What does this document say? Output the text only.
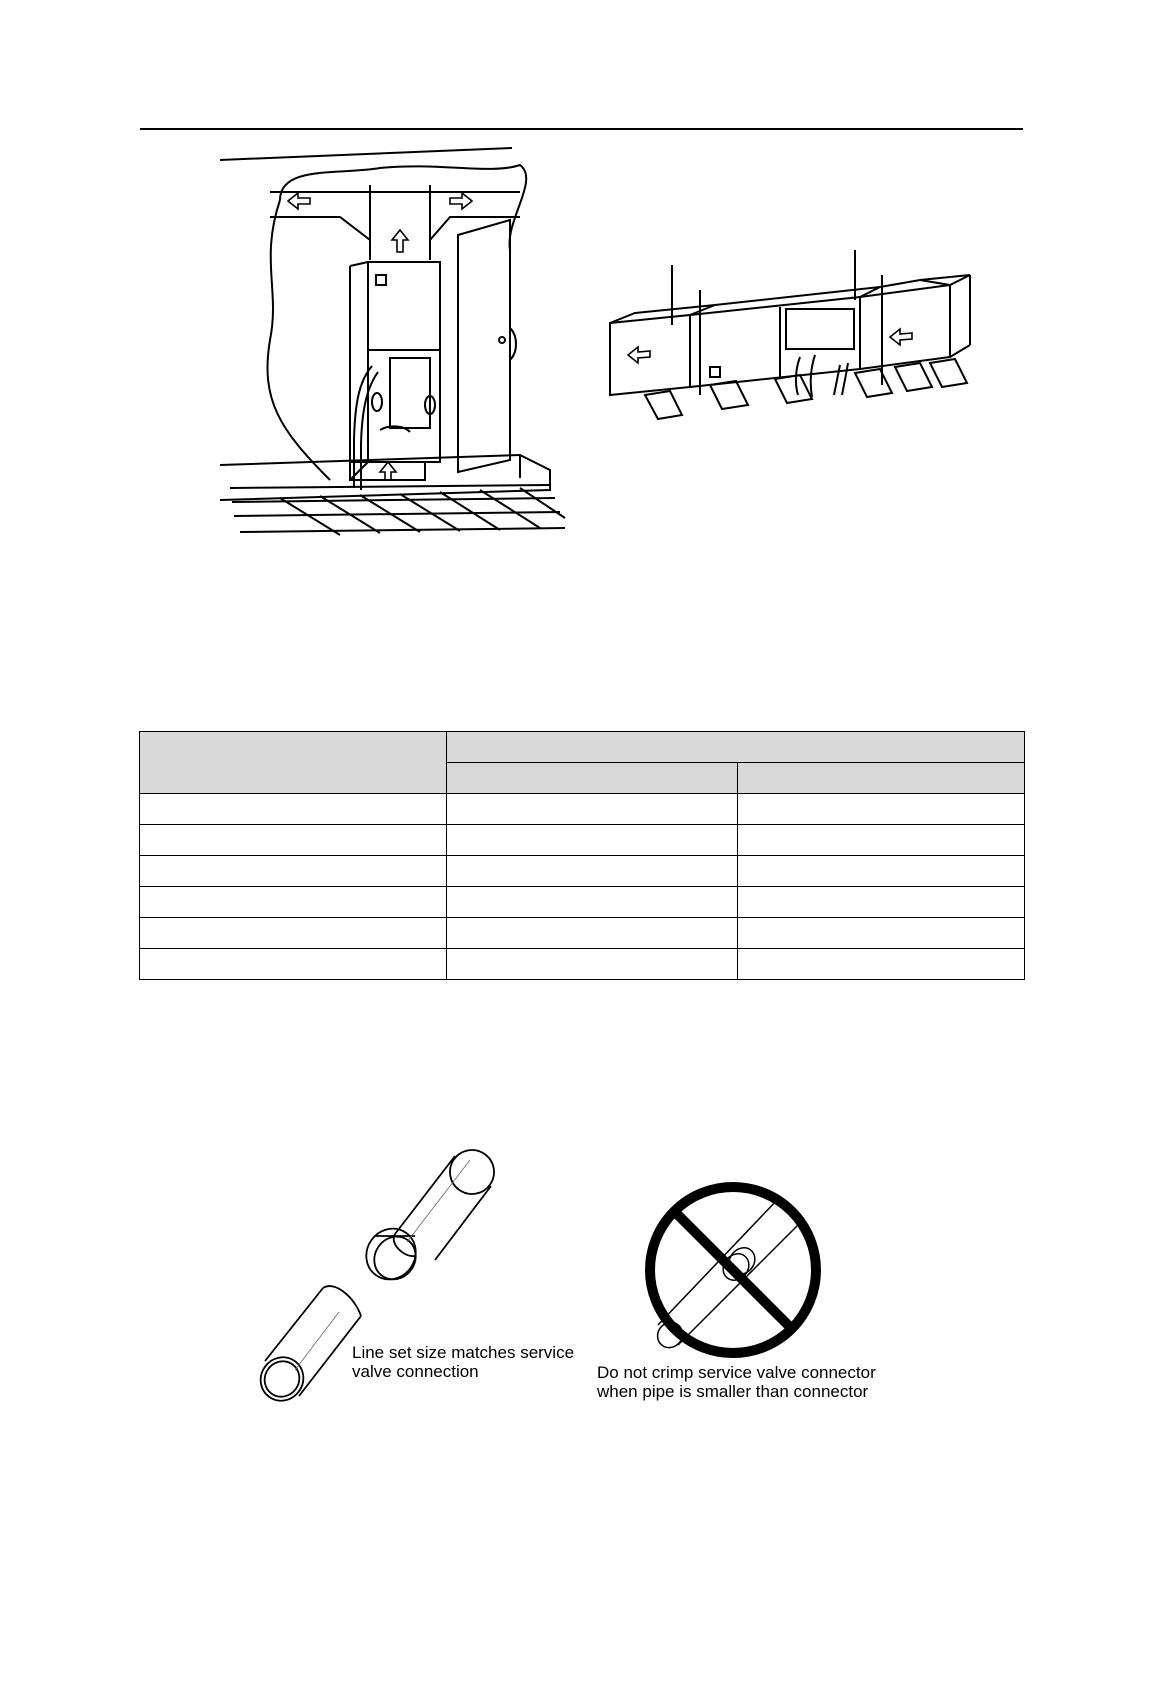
Line set size matches service
valve connection	Do not crimp service valve connector
when pipe is smaller than connector
